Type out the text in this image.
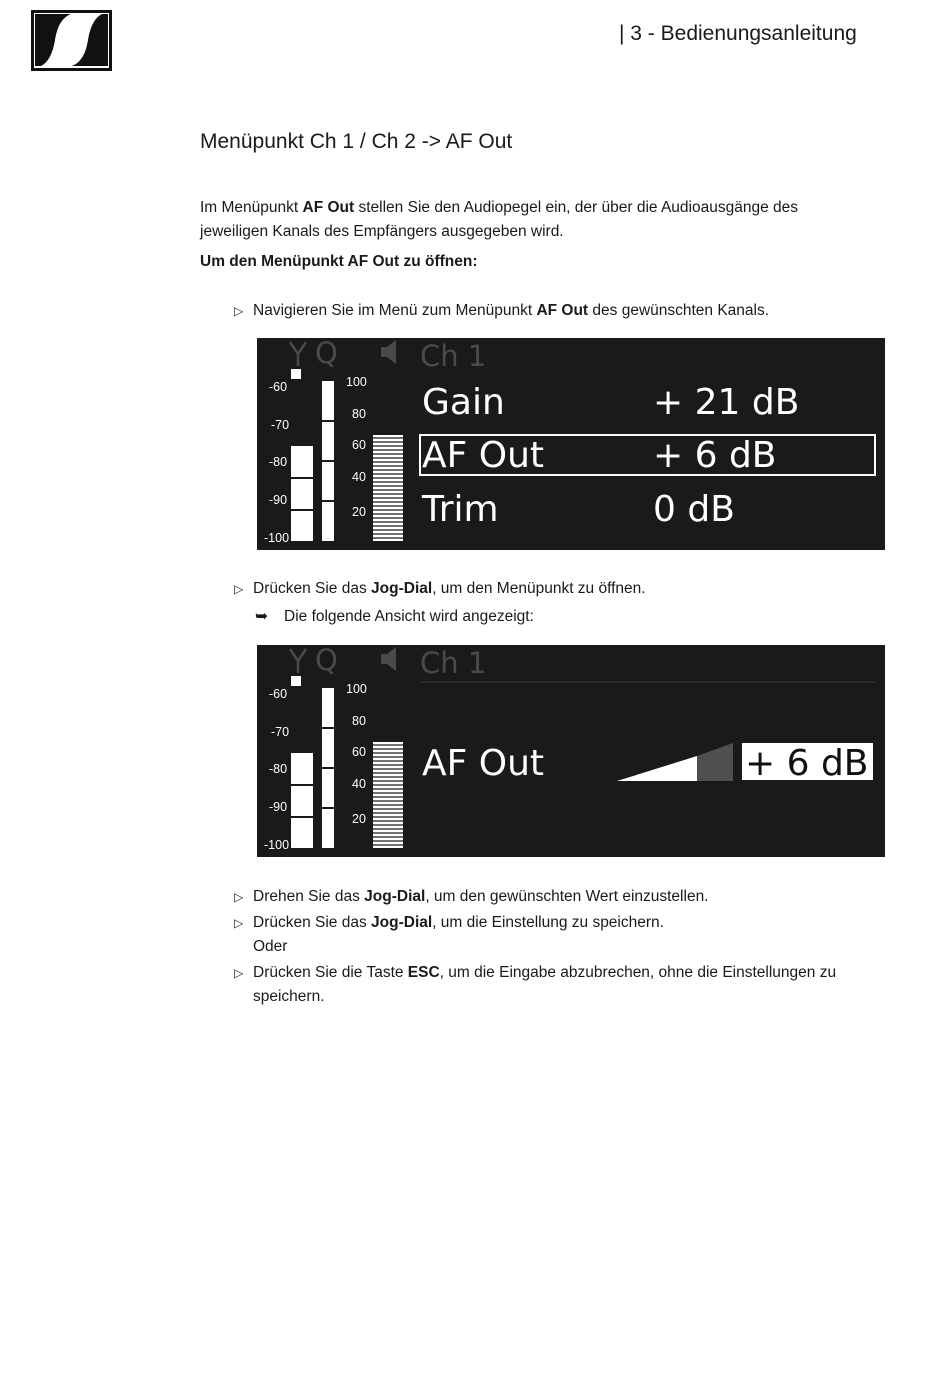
| 3 - Bedienungsanleitung
Menüpunkt Ch 1 / Ch 2 -> AF Out
Im Menüpunkt AF Out stellen Sie den Audiopegel ein, der über die Audioausgänge des
jeweiligen Kanals des Empfängers ausgegeben wird.
Um den Menüpunkt AF Out zu öffnen:
▷ Navigieren Sie im Menü zum Menüpunkt AF Out des gewünschten Kanals.
Q	Ch 1
-60
-70
-80
-90
-100
100
80
60
40
20
Gain	+ 21 dB
AF Out	+ 6 dB
Trim	0 dB
▷ Drücken Sie das Jog-Dial, um den Menüpunkt zu öffnen.
➥ Die folgende Ansicht wird angezeigt:
Q	Ch 1
-60
-70
-80
-90
-100
100
80
60
40
20
AF Out	+ 6 dB
▷ Drehen Sie das Jog-Dial, um den gewünschten Wert einzustellen.
▷ Drücken Sie das Jog-Dial, um die Einstellung zu speichern.
Oder
▷ Drücken Sie die Taste ESC, um die Eingabe abzubrechen, ohne die Einstellungen zu
speichern.
